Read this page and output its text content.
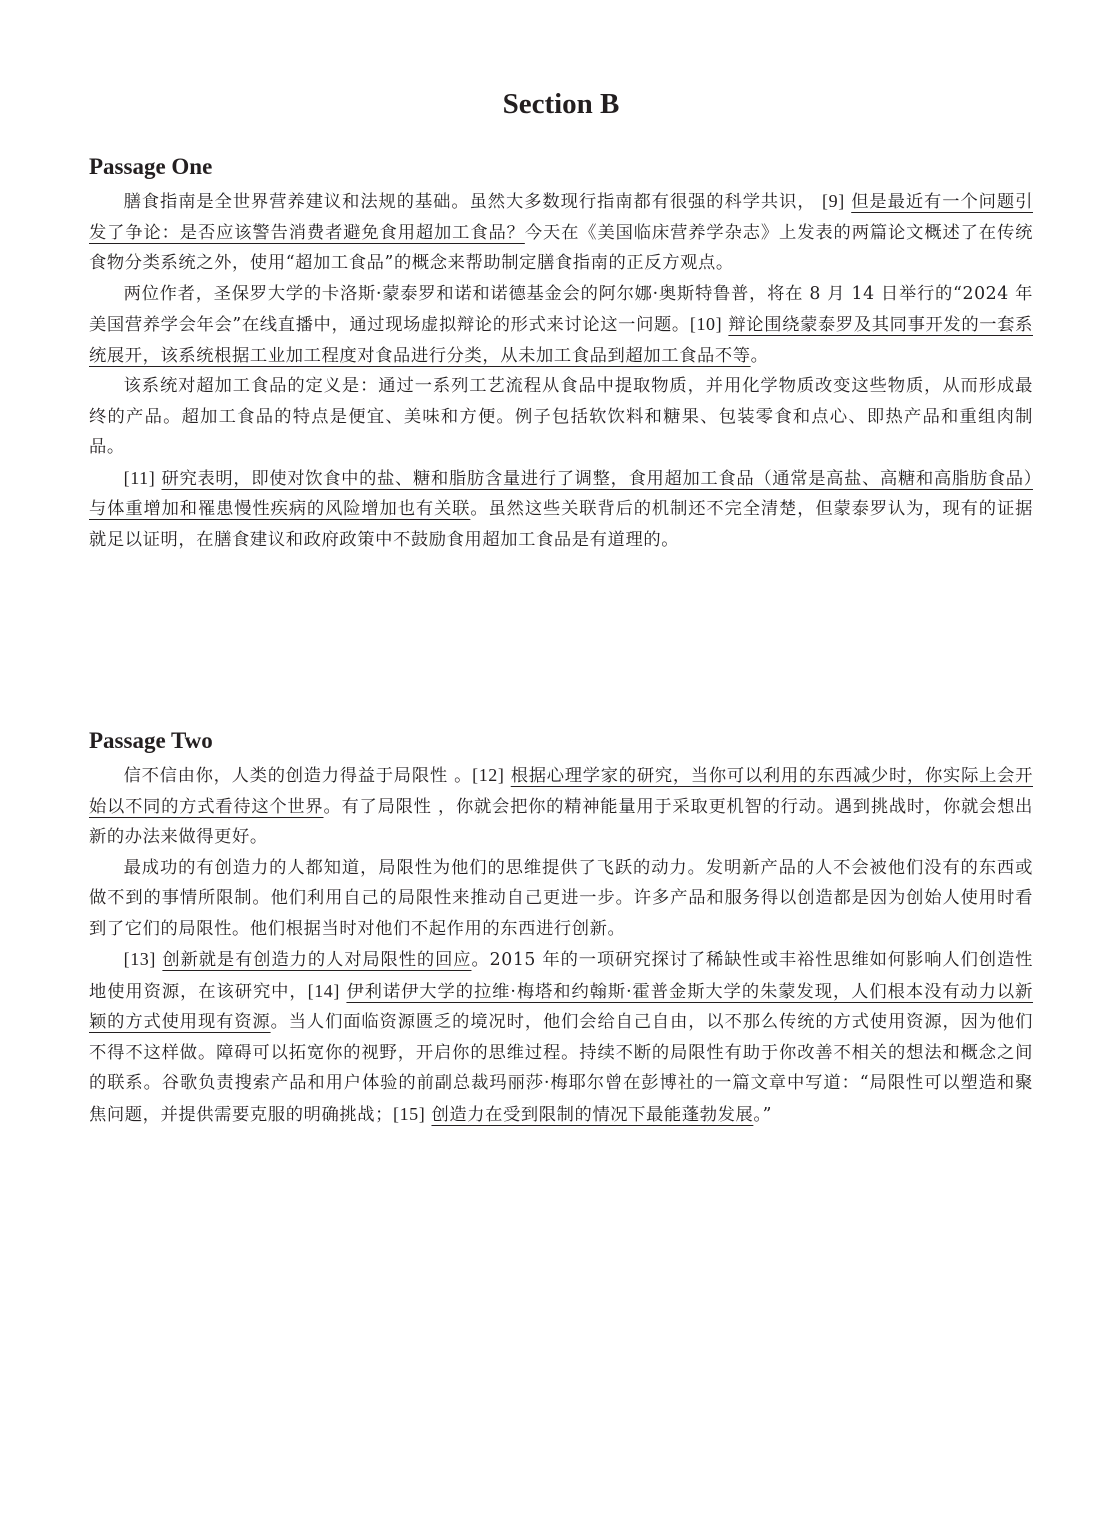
Section B
Passage One

膳食指南是全世界营养建议和法规的基础。虽然大多数现行指南都有很强的科学共识， [9] 但是最近有一个问题引发了争论：是否应该警告消费者避免食用超加工食品？今天在《美国临床营养学杂志》上发表的两篇论文概述了在传统食物分类系统之外，使用“超加工食品”的概念来帮助制定膳食指南的正反方观点。

两位作者，圣保罗大学的卡洛斯·蒙泰罗和诺和诺德基金会的阿尔娜·奥斯特鲁普，将在 8 月 14 日举行的“2024 年美国营养学会年会”在线直播中，通过现场虚拟辩论的形式来讨论这一问题。[10] 辩论围绕蒙泰罗及其同事开发的一套系统展开，该系统根据工业加工程度对食品进行分类，从未加工食品到超加工食品不等。

该系统对超加工食品的定义是：通过一系列工艺流程从食品中提取物质，并用化学物质改变这些物质，从而形成最终的产品。超加工食品的特点是便宜、美味和方便。例子包括软饮料和糖果、包装零食和点心、即热产品和重组肉制品。

[11] 研究表明，即使对饮食中的盐、糖和脂肪含量进行了调整，食用超加工食品（通常是高盐、高糖和高脂肪食品）与体重增加和罹患慢性疾病的风险增加也有关联。虽然这些关联背后的机制还不完全清楚，但蒙泰罗认为，现有的证据就足以证明，在膳食建议和政府政策中不鼓励食用超加工食品是有道理的。

Passage Two

信不信由你，人类的创造力得益于局限性 。[12] 根据心理学家的研究，当你可以利用的东西减少时，你实际上会开始以不同的方式看待这个世界。有了局限性 ，你就会把你的精神能量用于采取更机智的行动。遇到挑战时，你就会想出新的办法来做得更好。

最成功的有创造力的人都知道，局限性为他们的思维提供了飞跃的动力。发明新产品的人不会被他们没有的东西或做不到的事情所限制。他们利用自己的局限性来推动自己更进一步。许多产品和服务得以创造都是因为创始人使用时看到了它们的局限性。他们根据当时对他们不起作用的东西进行创新。

[13] 创新就是有创造力的人对局限性的回应。2015 年的一项研究探讨了稀缺性或丰裕性思维如何影响人们创造性地使用资源，在该研究中，[14] 伊利诺伊大学的拉维·梅塔和约翰斯·霍普金斯大学的朱蒙发现，人们根本没有动力以新颖的方式使用现有资源。当人们面临资源匮乏的境况时，他们会给自己自由，以不那么传统的方式使用资源，因为他们不得不这样做。障碍可以拓宽你的视野，开启你的思维过程。持续不断的局限性有助于你改善不相关的想法和概念之间的联系。谷歌负责搜索产品和用户体验的前副总裁玛丽莎·梅耶尔曾在彭博社的一篇文章中写道：“局限性可以塑造和聚焦问题，并提供需要克服的明确挑战；[15] 创造力在受到限制的情况下最能蓬勃发展。”
